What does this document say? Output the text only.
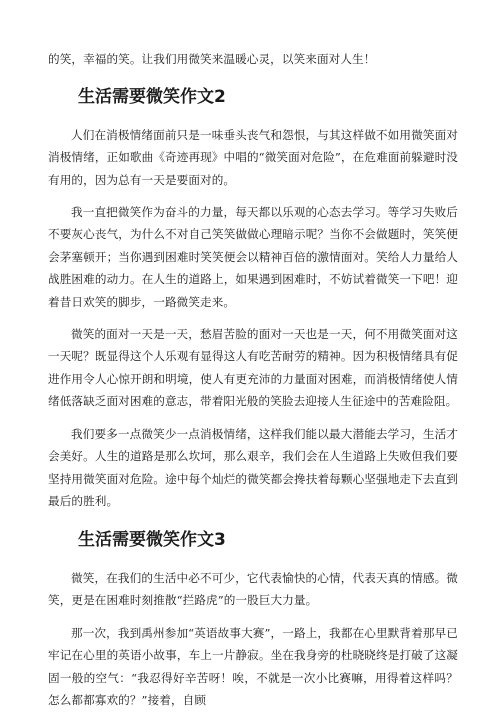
的笑，幸福的笑。让我们用微笑来温暖心灵，以笑来面对人生！

生活需要微笑作文2

人们在消极情绪面前只是一味垂头丧气和怨恨，与其这样做不如用微笑面对消极情绪，正如歌曲《奇迹再现》中唱的“微笑面对危险”，在危难面前躲避时没有用的，因为总有一天是要面对的。

我一直把微笑作为奋斗的力量，每天都以乐观的心态去学习。等学习失败后不要灰心丧气，为什么不对自己笑笑做做心理暗示呢？当你不会做题时，笑笑便会茅塞顿开；当你遇到困难时笑笑便会以精神百倍的激情面对。笑给人力量给人战胜困难的动力。在人生的道路上，如果遇到困难时，不妨试着微笑一下吧！迎着昔日欢笑的脚步，一路微笑走来。

微笑的面对一天是一天，愁眉苦脸的面对一天也是一天，何不用微笑面对这一天呢？既显得这个人乐观有显得这人有吃苦耐劳的精神。因为积极情绪具有促进作用令人心惊开朗和明境，使人有更充沛的力量面对困难，而消极情绪使人情绪低落缺乏面对困难的意志，带着阳光般的笑脸去迎接人生征途中的苦难险阻。

我们要多一点微笑少一点消极情绪，这样我们能以最大潜能去学习，生活才会美好。人生的道路是那么坎坷，那么艰辛，我们会在人生道路上失败但我们要坚持用微笑面对危险。途中每个灿烂的微笑都会搀扶着每颗心坚强地走下去直到最后的胜利。

生活需要微笑作文3

微笑，在我们的生活中必不可少，它代表愉快的心情，代表天真的情感。微笑，更是在困难时刻推散“拦路虎”的一股巨大力量。

那一次，我到禹州参加“英语故事大赛”，一路上，我都在心里默背着那早已牢记在心里的英语小故事，车上一片静寂。坐在我身旁的杜晓晓终是打破了这凝固一般的空气：“我忍得好辛苦呀！唉，不就是一次小比赛嘛，用得着这样吗？怎么都都寡欢的？”接着，自顾
